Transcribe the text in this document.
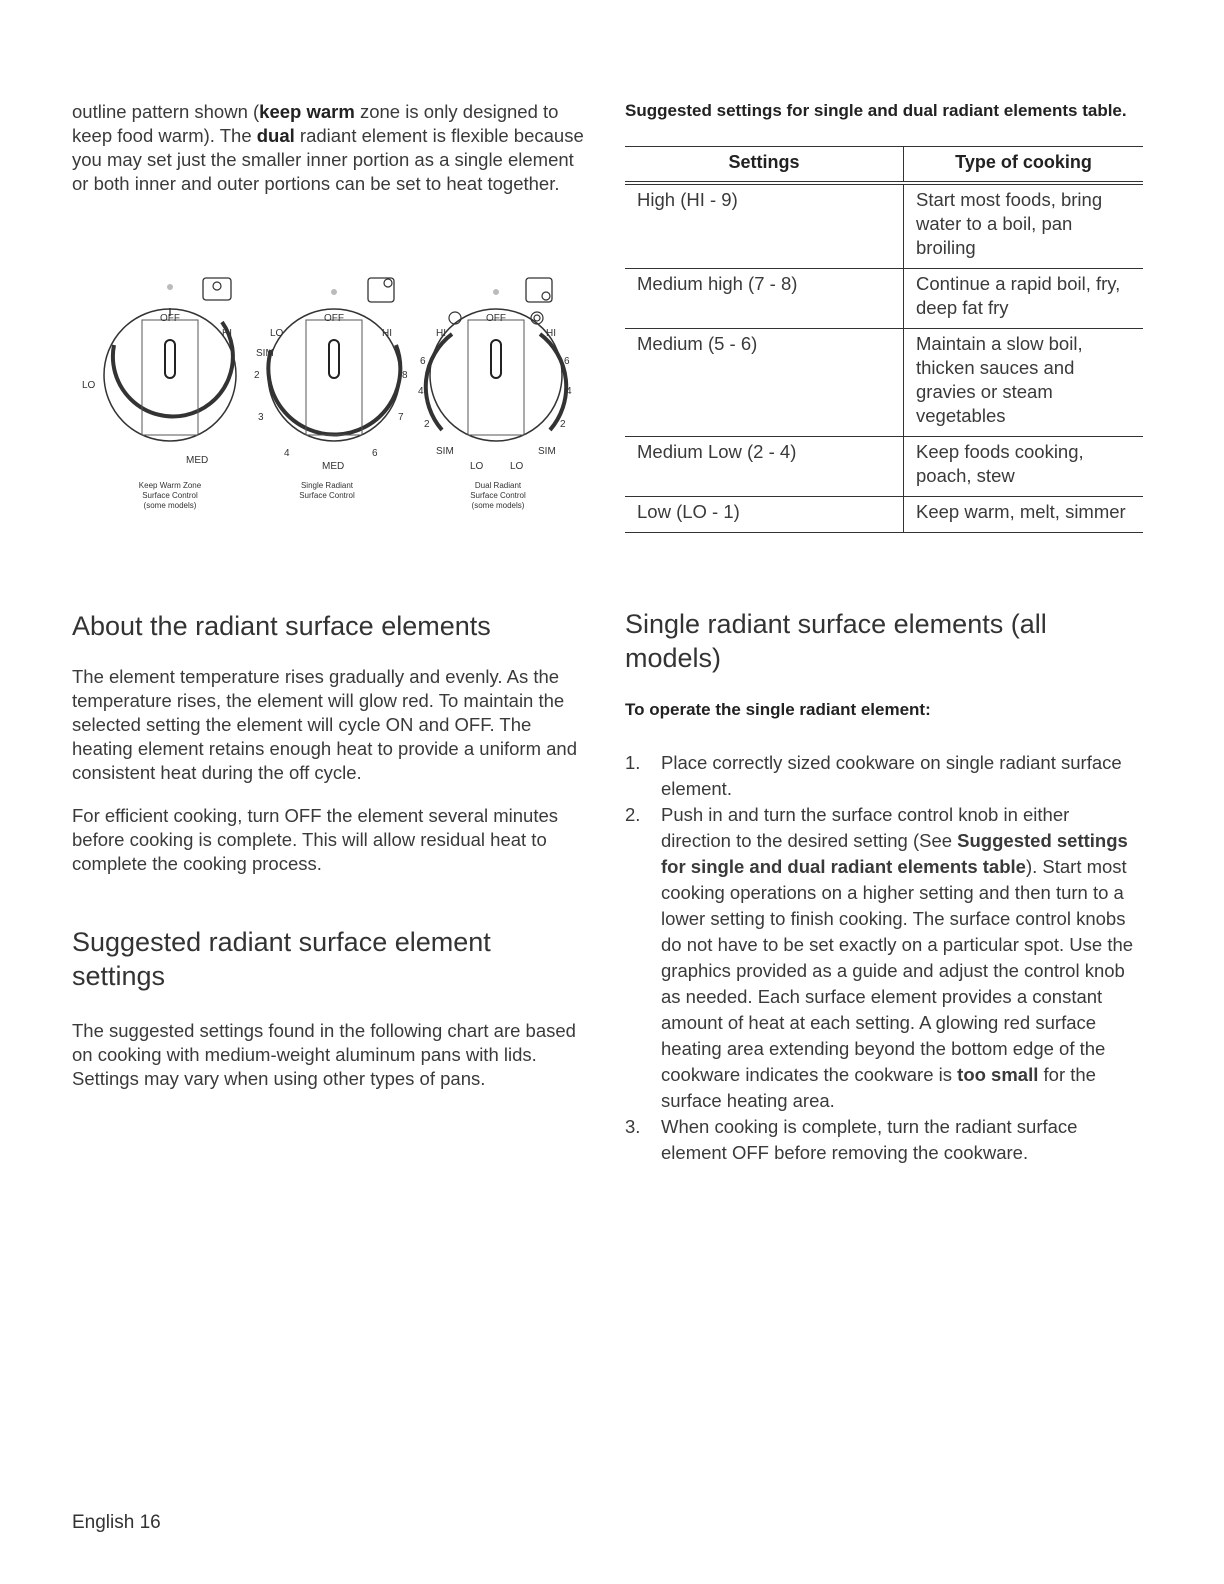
outline pattern shown (keep warm zone is only designed to keep food warm). The dual radiant element is flexible because you may set just the smaller inner portion as a single element or both inner and outer portions can be set to heat together.

OFF
HI
LO
MED
OFF
LO	HI
SIM
8
2
3	7
4	6
MED
OFF
HI	HI
6	6
4	4
2	2
SIM	SIM
LO	LO
Keep Warm Zone
Surface Control
(some models)
Single Radiant
Surface Control
Dual Radiant
Surface Control
(some models)
About the radiant surface elements

The element temperature rises gradually and evenly. As the temperature rises, the element will glow red. To maintain the selected setting the element will cycle ON and OFF. The heating element retains enough heat to provide a uniform and consistent heat during the off cycle.

For efficient cooking, turn OFF the element several minutes before cooking is complete. This will allow residual heat to complete the cooking process.

Suggested radiant surface element settings

The suggested settings found in the following chart are based on cooking with medium-weight aluminum pans with lids. Settings may vary when using other types of pans.

Suggested settings for single and dual radiant elements table.

Settings	Type of cooking
High (HI - 9)	Start most foods, bring water to a boil, pan broiling
Medium high (7 - 8)	Continue a rapid boil, fry, deep fat fry
Medium (5 - 6)	Maintain a slow boil, thicken sauces and gravies or steam vegetables
Medium Low (2 - 4)	Keep foods cooking, poach, stew
Low (LO - 1)	Keep warm, melt, simmer
Single radiant surface elements (all models)

To operate the single radiant element:

1. Place correctly sized cookware on single radiant surface element.
2. Push in and turn the surface control knob in either direction to the desired setting (See Suggested settings for single and dual radiant elements table). Start most cooking operations on a higher setting and then turn to a lower setting to finish cooking. The surface control knobs do not have to be set exactly on a particular spot. Use the graphics provided as a guide and adjust the control knob as needed. Each surface element provides a constant amount of heat at each setting. A glowing red surface heating area extending beyond the bottom edge of the cookware indicates the cookware is too small for the surface heating area.
3. When cooking is complete, turn the radiant surface element OFF before removing the cookware.
English 16
